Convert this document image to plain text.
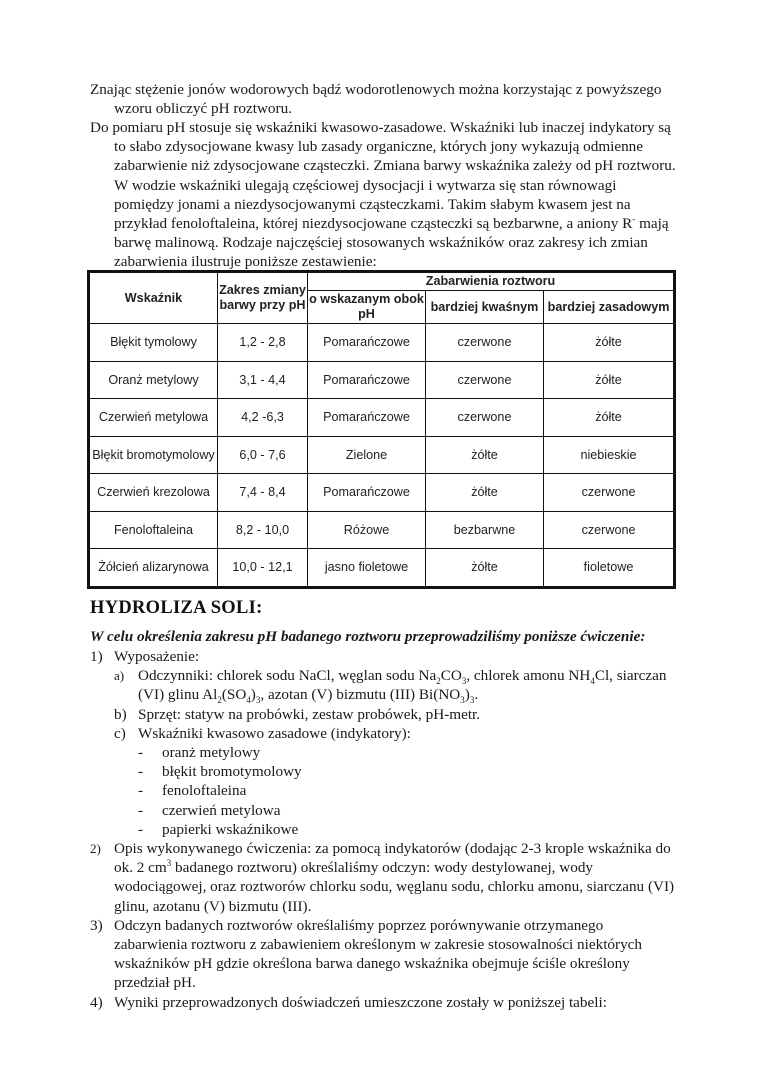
Znając stężenie jonów wodorowych bądź wodorotlenowych można korzystając z powyższego wzoru obliczyć pH roztworu.

Do pomiaru pH stosuje się wskaźniki kwasowo-zasadowe. Wskaźniki lub inaczej indykatory są to słabo zdysocjowane kwasy lub zasady organiczne, których jony wykazują odmienne zabarwienie niż zdysocjowane cząsteczki. Zmiana barwy wskaźnika zależy od pH roztworu. W wodzie wskaźniki ulegają częściowej dysocjacji i wytwarza się stan równowagi pomiędzy jonami a niezdysocjowanymi cząsteczkami. Takim słabym kwasem jest na przykład fenoloftaleina, której niezdysocjowane cząsteczki są bezbarwne, a aniony R- mają barwę malinową. Rodzaje najczęściej stosowanych wskaźników oraz zakresy ich zmian zabarwienia ilustruje poniższe zestawienie:

Wskaźnik	Zakres zmiany barwy przy pH	Zabarwienia roztworu		
		o wskazanym obok pH	bardziej kwaśnym	bardziej zasadowym
Błękit tymolowy	1,2 - 2,8	Pomarańczowe	czerwone	żółte
Oranż metylowy	3,1 - 4,4	Pomarańczowe	czerwone	żółte
Czerwień metylowa	4,2 -6,3	Pomarańczowe	czerwone	żółte
Błękit bromotymolowy	6,0 - 7,6	Zielone	żółte	niebieskie
Czerwień krezolowa	7,4 - 8,4	Pomarańczowe	żółte	czerwone
Fenoloftaleina	8,2 - 10,0	Różowe	bezbarwne	czerwone
Żółcień alizarynowa	10,0 - 12,1	jasno fioletowe	żółte	fioletowe
HYDROLIZA SOLI:
W celu określenia zakresu pH badanego roztworu przeprowadziliśmy poniższe ćwiczenie:
1) Wyposażenie:
a) Odczynniki: chlorek sodu NaCl, węglan sodu $Na_2CO_3$, chlorek amonu $NH_4Cl$, siarczan (VI) glinu $Al_2(SO_4)_3$, azotan (V) bizmutu (III) $Bi(NO_3)_3$.
b) Sprzęt: statyw na probówki, zestaw probówek, pH-metr.
c) Wskaźniki kwasowo zasadowe (indykatory):
- oranż metylowy
- błękit bromotymolowy
- fenoloftaleina
- czerwień metylowa
- papierki wskaźnikowe
2) Opis wykonywanego ćwiczenia: za pomocą indykatorów (dodając 2-3 krople wskaźnika do ok. 2 $cm^3$ badanego roztworu) określaliśmy odczyn: wody destylowanej, wody wodociągowej, oraz roztworów chlorku sodu, węglanu sodu, chlorku amonu, siarczanu (VI) glinu, azotanu (V) bizmutu (III).
3) Odczyn badanych roztworów określaliśmy poprzez porównywanie otrzymanego zabarwienia roztworu z zabawieniem określonym w zakresie stosowalności niektórych wskaźników pH gdzie określona barwa danego wskaźnika obejmuje ściśle określony przedział pH.
4) Wyniki przeprowadzonych doświadczeń umieszczone zostały w poniższej tabeli:
